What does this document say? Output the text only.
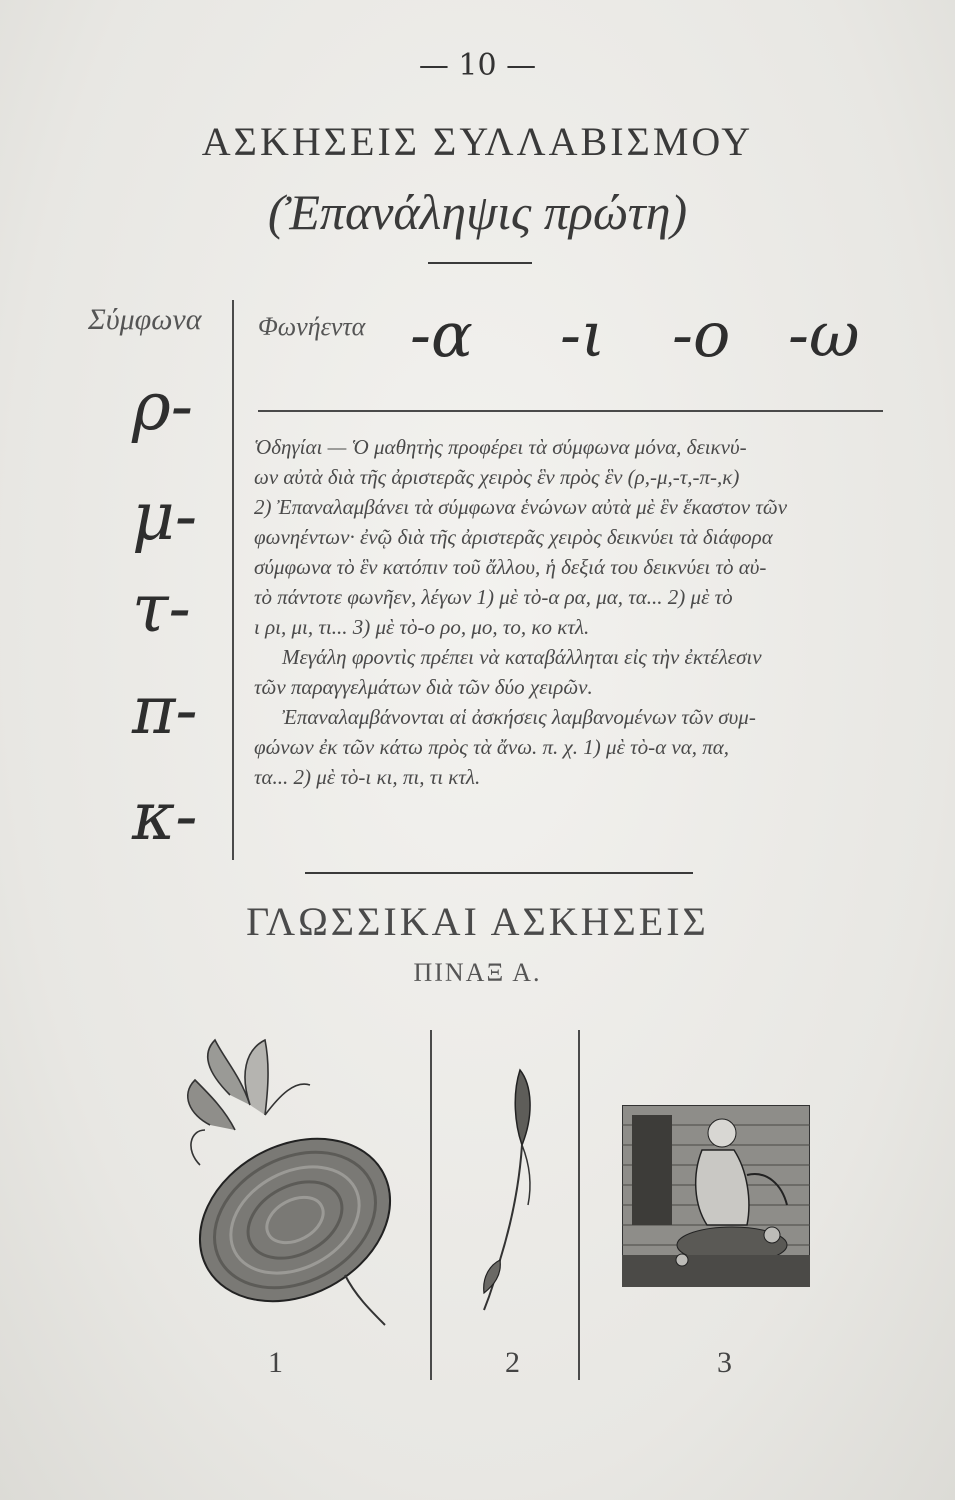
— 10 —
ΑΣΚΗΣΕΙΣ ΣΥΛΛΑΒΙΣΜΟΥ
(Ἐπανάληψις πρώτη)
Σύμφωνα Φωνήεντα -α -ι -ο -ω
ρ-
μ-
τ-
π-
κ-

Ὁδηγίαι — Ὁ μαθητὴς προφέρει τὰ σύμφωνα μόνα, δεικνύ-

ων αὐτὰ διὰ τῆς ἀριστερᾶς χειρὸς ἓν πρὸς ἓν (ρ,-μ,-τ,-π-,κ)

2) Ἐπαναλαμβάνει τὰ σύμφωνα ἑνώνων αὐτὰ μὲ ἓν ἕκαστον τῶν

φωνηέντων· ἐνῷ διὰ τῆς ἀριστερᾶς χειρὸς δεικνύει τὰ διάφορα

σύμφωνα τὸ ἓν κατόπιν τοῦ ἄλλου, ἡ δεξιά του δεικνύει τὸ αὐ-

τὸ πάντοτε φωνῆεν, λέγων 1) μὲ τὸ-α ρα, μα, τα... 2) μὲ τὸ

ι ρι, μι, τι... 3) μὲ τὸ-ο ρο, μο, το, κο κτλ.

Μεγάλη φροντὶς πρέπει νὰ καταβάλληται εἰς τὴν ἐκτέλεσιν

τῶν παραγγελμάτων διὰ τῶν δύο χειρῶν.

Ἐπαναλαμβάνονται αἱ ἀσκήσεις λαμβανομένων τῶν συμ-

φώνων ἐκ τῶν κάτω πρὸς τὰ ἄνω. π. χ. 1) μὲ τὸ-α να, πα,

τα... 2) μὲ τὸ-ι κι, πι, τι κτλ.

ΓΛΩΣΣΙΚΑΙ ΑΣΚΗΣΕΙΣ
ΠΙΝΑΞ Α.
1	2	3
